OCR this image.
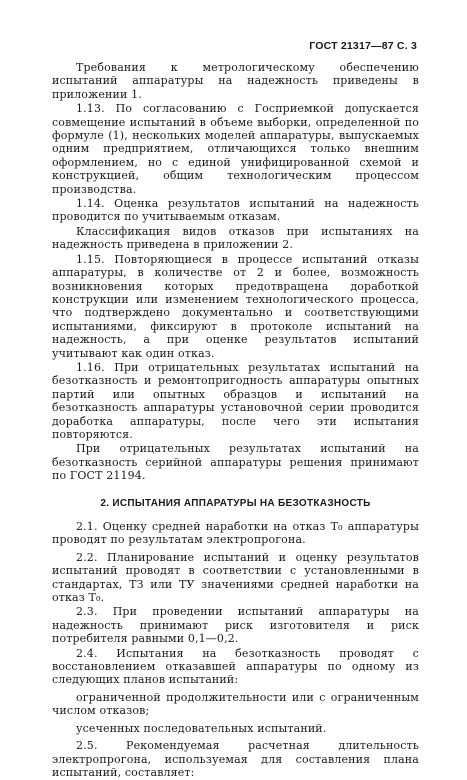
ГОСТ 21317—87 С. 3

Требования к метрологическому обеспечению испытаний аппаратуры на надежность приведены в приложении 1.

1.13. По согласованию с Госприемкой допускается совмещение испытаний в объеме выборки, определенной по формуле (1), нескольких моделей аппаратуры, выпускаемых одним предприятием, отличающихся только внешним оформлением, но с единой унифицированной схемой и конструкцией, общим технологическим процессом производства.

1.14. Оценка результатов испытаний на надежность проводится по учитываемым отказам.

Классификация видов отказов при испытаниях на надежность приведена в приложении 2.

1.15. Повторяющиеся в процессе испытаний отказы аппаратуры, в количестве от 2 и более, возможность возникновения которых предотвращена доработкой конструкции или изменением технологического процесса, что подтверждено документально и соответствующими испытаниями, фиксируют в протоколе испытаний на надежность, а при оценке результатов испытаний учитывают как один отказ.

1.16. При отрицательных результатах испытаний на безотказность и ремонтопригодность аппаратуры опытных партий или опытных образцов и испытаний на безотказность аппаратуры установочной серии проводится доработка аппаратуры, после чего эти испытания повторяются.

При отрицательных результатах испытаний на безотказность серийной аппаратуры решения принимают по ГОСТ 21194.

2. ИСПЫТАНИЯ АППАРАТУРЫ НА БЕЗОТКАЗНОСТЬ

2.1. Оценку средней наработки на отказ T₀ аппаратуры проводят по результатам электропрогона.

2.2. Планирование испытаний и оценку результатов испытаний проводят в соответствии с установленными в стандартах, ТЗ или ТУ значениями средней наработки на отказ T₀.

2.3. При проведении испытаний аппаратуры на надежность принимают риск изготовителя и риск потребителя равными 0,1—0,2.

2.4. Испытания на безотказность проводят с восстановлением отказавшей аппаратуры по одному из следующих планов испытаний:

ограниченной продолжительности или с ограниченным числом отказов;

усеченных последовательных испытаний.

2.5. Рекомендуемая расчетная длительность электропрогона, используемая для составления плана испытаний, составляет:
